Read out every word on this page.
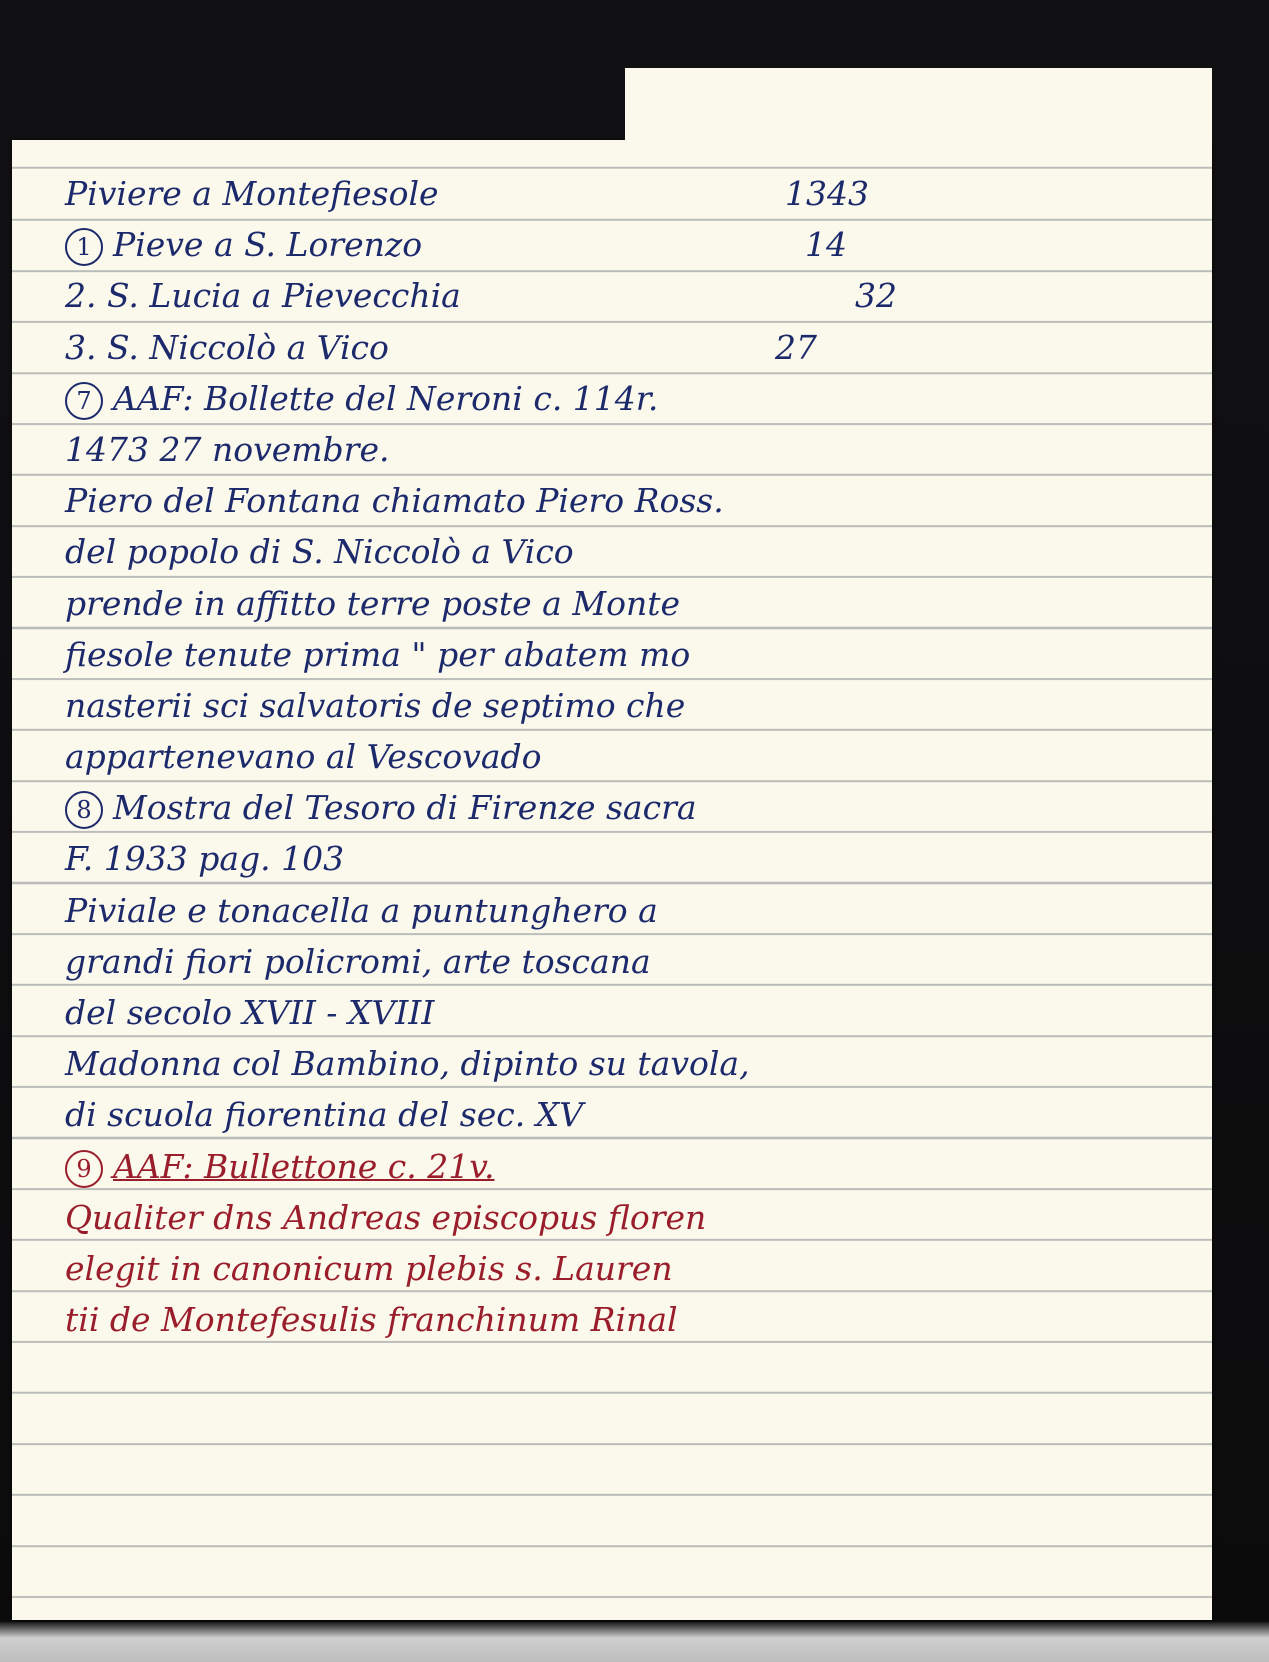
Piviere a Montefiesole	1343
1 Pieve a S. Lorenzo	14
2. S. Lucia a Pievecchia	32
3. S. Niccolò a Vico	27
7 AAF: Bollette del Neroni c. 114r.
1473 27 novembre.
Piero del Fontana chiamato Piero Ross.
del popolo di S. Niccolò a Vico
prende in affitto terre poste a Monte
fiesole tenute prima " per abatem mo
nasterii sci salvatoris de septimo che
appartenevano al Vescovado
8 Mostra del Tesoro di Firenze sacra
F. 1933 pag. 103
Piviale e tonacella a puntunghero a
grandi fiori policromi, arte toscana
del secolo XVII - XVIII
Madonna col Bambino, dipinto su tavola,
di scuola fiorentina del sec. XV
9 AAF: Bullettone c. 21v.
Qualiter dns Andreas episcopus floren
elegit in canonicum plebis s. Lauren
tii de Montefesulis franchinum Rinal
